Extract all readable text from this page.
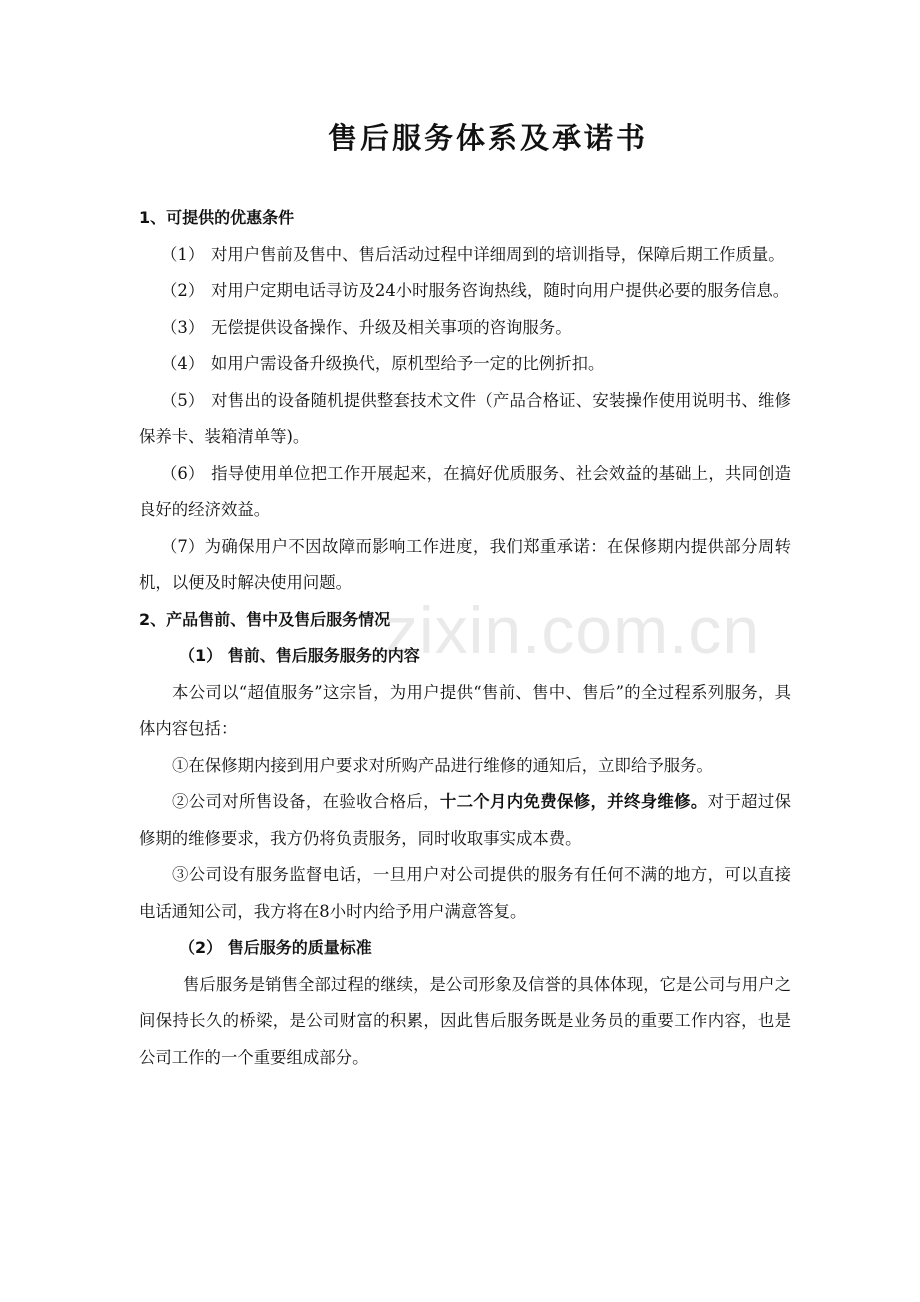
售后服务体系及承诺书
zixin.com.cn

1、可提供的优惠条件

（1） 对用户售前及售中、售后活动过程中详细周到的培训指导，保障后期工作质量。

（2） 对用户定期电话寻访及24小时服务咨询热线，随时向用户提供必要的服务信息。

（3） 无偿提供设备操作、升级及相关事项的咨询服务。

（4） 如用户需设备升级换代，原机型给予一定的比例折扣。

（5） 对售出的设备随机提供整套技术文件（产品合格证、安装操作使用说明书、维修保养卡、装箱清单等)。

（6） 指导使用单位把工作开展起来，在搞好优质服务、社会效益的基础上，共同创造良好的经济效益。

（7）为确保用户不因故障而影响工作进度，我们郑重承诺：在保修期内提供部分周转机，以便及时解决使用问题。

2、产品售前、售中及售后服务情况

（1） 售前、售后服务服务的内容

本公司以“超值服务”这宗旨，为用户提供“售前、售中、售后”的全过程系列服务，具体内容包括：

①在保修期内接到用户要求对所购产品进行维修的通知后，立即给予服务。

②公司对所售设备，在验收合格后，十二个月内免费保修，并终身维修。对于超过保修期的维修要求，我方仍将负责服务，同时收取事实成本费。

③公司设有服务监督电话，一旦用户对公司提供的服务有任何不满的地方，可以直接电话通知公司，我方将在8小时内给予用户满意答复。

（2） 售后服务的质量标准

售后服务是销售全部过程的继续，是公司形象及信誉的具体体现，它是公司与用户之间保持长久的桥梁，是公司财富的积累，因此售后服务既是业务员的重要工作内容，也是公司工作的一个重要组成部分。
